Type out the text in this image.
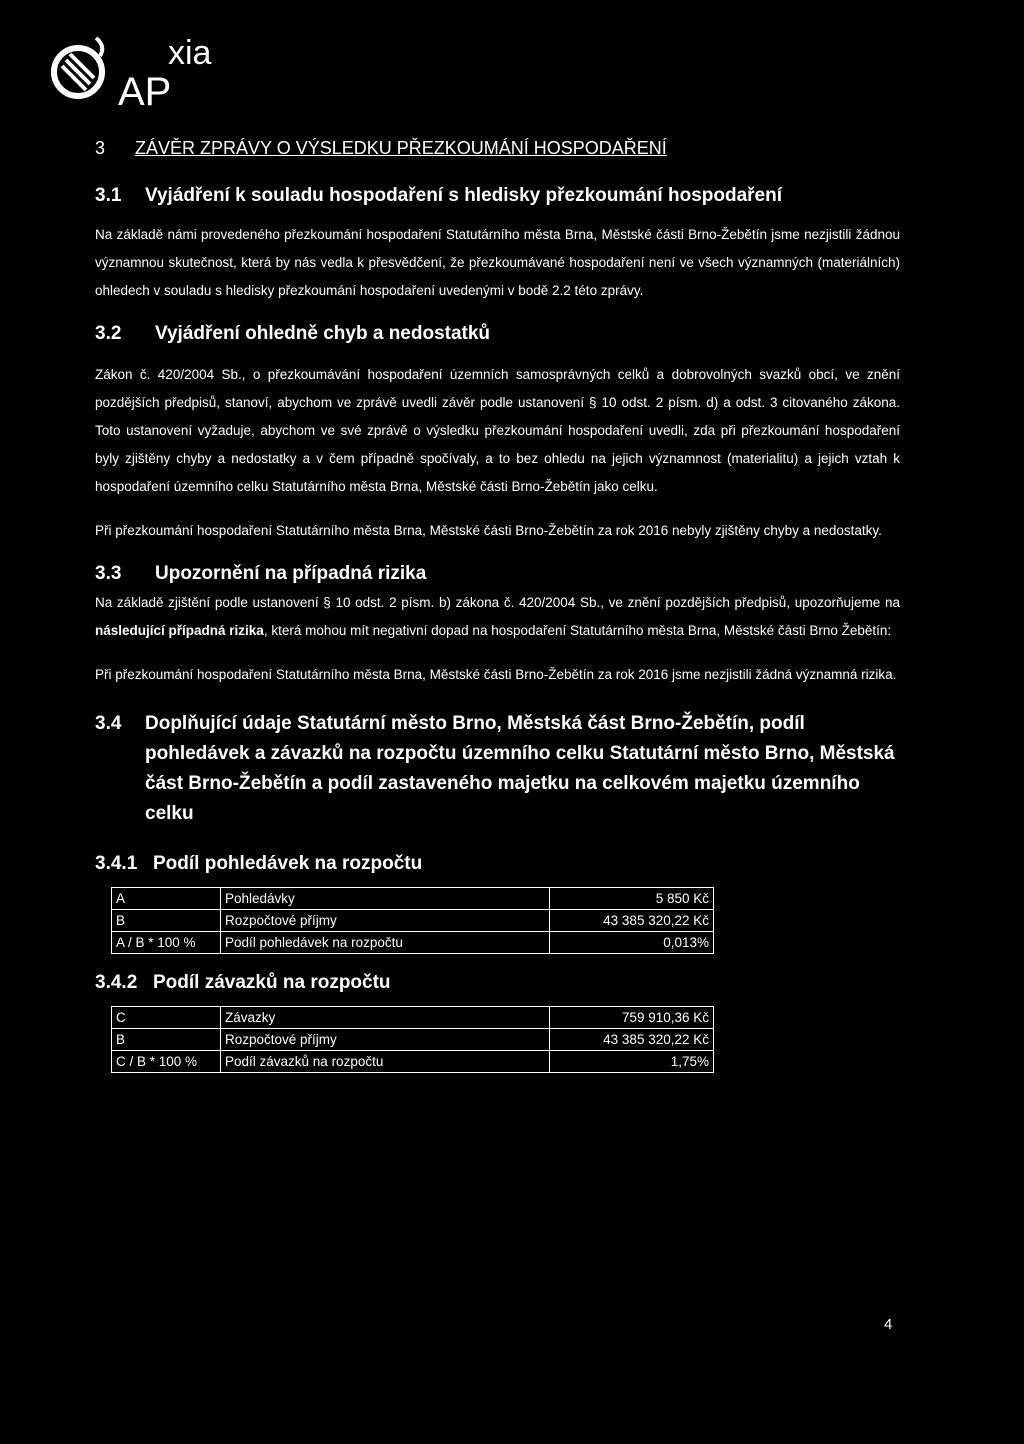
xia
AP
3	ZÁVĚR ZPRÁVY O VÝSLEDKU PŘEZKOUMÁNÍ HOSPODAŘENÍ
3.1	Vyjádření k souladu hospodaření s hledisky přezkoumání hospodaření

Na základě námi provedeného přezkoumání hospodaření Statutárního města Brna, Městské části Brno-Žebětín jsme nezjistili žádnou významnou skutečnost, která by nás vedla k přesvědčení, že přezkoumávané hospodaření není ve všech významných (materiálních) ohledech v souladu s hledisky přezkoumání hospodaření uvedenými v bodě 2.2 této zprávy.

3.2	Vyjádření ohledně chyb a nedostatků

Zákon č. 420/2004 Sb., o přezkoumávání hospodaření územních samosprávných celků a dobrovolných svazků obcí, ve znění pozdějších předpisů, stanoví, abychom ve zprávě uvedli závěr podle ustanovení § 10 odst. 2 písm. d) a odst. 3 citovaného zákona. Toto ustanovení vyžaduje, abychom ve své zprávě o výsledku přezkoumání hospodaření uvedli, zda při přezkoumání hospodaření byly zjištěny chyby a nedostatky a v čem případně spočívaly, a to bez ohledu na jejich významnost (materialitu) a jejich vztah k hospodaření územního celku Statutárního města Brna, Městské části Brno-Žebětín jako celku.

Při přezkoumání hospodaření Statutárního města Brna, Městské části Brno-Žebětín za rok 2016 nebyly zjištěny chyby a nedostatky.

3.3	Upozornění na případná rizika

Na základě zjištění podle ustanovení § 10 odst. 2 písm. b) zákona č. 420/2004 Sb., ve znění pozdějších předpisů, upozorňujeme na následující případná rizika, která mohou mít negativní dopad na hospodaření Statutárního města Brna, Městské části Brno Žebětín:

Při přezkoumání hospodaření Statutárního města Brna, Městské části Brno-Žebětín za rok 2016 jsme nezjistili žádná významná rizika.

3.4	Doplňující údaje Statutární město Brno, Městská část Brno-Žebětín, podíl pohledávek a závazků na rozpočtu územního celku Statutární město Brno, Městská část Brno-Žebětín a podíl zastaveného majetku na celkovém majetku územního celku
3.4.1 Podíl pohledávek na rozpočtu
A	Pohledávky	5 850 Kč
B	Rozpočtové příjmy	43 385 320,22 Kč
A / B * 100 %	Podíl pohledávek na rozpočtu	0,013%
3.4.2 Podíl závazků na rozpočtu
C	Závazky	759 910,36 Kč
B	Rozpočtové příjmy	43 385 320,22 Kč
C / B * 100 %	Podíl závazků na rozpočtu	1,75%
4
